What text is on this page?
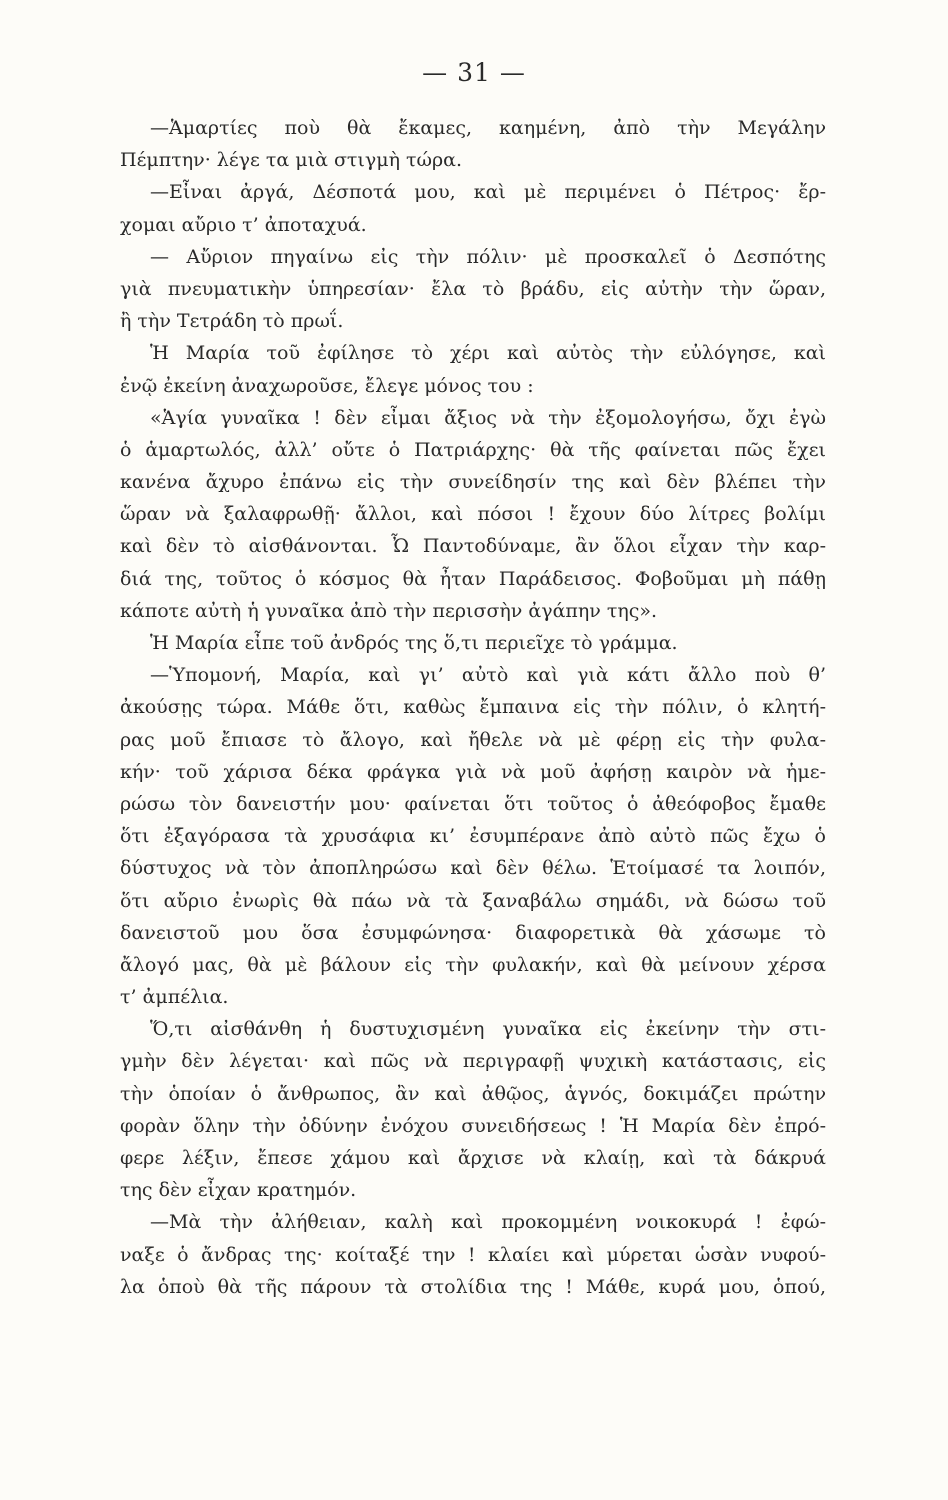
— 31 —
—Ἁμαρτίες ποὺ θὰ ἔκαμες, καημένη, ἀπὸ τὴν Μεγάλην
Πέμπτην· λέγε τα μιὰ στιγμὴ τώρα.
—Εἶναι ἀργά, Δέσποτά μου, καὶ μὲ περιμένει ὁ Πέτρος· ἔρ-
χομαι αὔριο τ’ ἀποταχυά.
— Αὔριον πηγαίνω εἰς τὴν πόλιν· μὲ προσκαλεῖ ὁ Δεσπότης
γιὰ πνευματικὴν ὑπηρεσίαν· ἔλα τὸ βράδυ, εἰς αὐτὴν τὴν ὥραν,
ἢ τὴν Τετράδη τὸ πρωΐ.
Ἡ Μαρία τοῦ ἐφίλησε τὸ χέρι καὶ αὐτὸς τὴν εὐλόγησε, καὶ
ἐνῷ ἐκείνη ἀναχωροῦσε, ἔλεγε μόνος του :
«Ἁγία γυναῖκα ! δὲν εἶμαι ἄξιος νὰ τὴν ἐξομολογήσω, ὄχι ἐγὼ
ὁ ἁμαρτωλός, ἀλλ’ οὔτε ὁ Πατριάρχης· θὰ τῆς φαίνεται πῶς ἔχει
κανένα ἄχυρο ἐπάνω εἰς τὴν συνείδησίν της καὶ δὲν βλέπει τὴν
ὥραν νὰ ξαλαφρωθῇ· ἄλλοι, καὶ πόσοι ! ἔχουν δύο λίτρες βολίμι
καὶ δὲν τὸ αἰσθάνονται. Ὦ Παντοδύναμε, ἂν ὅλοι εἶχαν τὴν καρ-
διά της, τοῦτος ὁ κόσμος θὰ ἦταν Παράδεισος. Φοβοῦμαι μὴ πάθῃ
κάποτε αὐτὴ ἡ γυναῖκα ἀπὸ τὴν περισσὴν ἀγάπην της».
Ἡ Μαρία εἶπε τοῦ ἀνδρός της ὅ,τι περιεῖχε τὸ γράμμα.
—Ὑπομονή, Μαρία, καὶ γι’ αὐτὸ καὶ γιὰ κάτι ἄλλο ποὺ θ’
ἀκούσῃς τώρα. Μάθε ὅτι, καθὼς ἔμπαινα εἰς τὴν πόλιν, ὁ κλητή-
ρας μοῦ ἔπιασε τὸ ἄλογο, καὶ ἤθελε νὰ μὲ φέρῃ εἰς τὴν φυλα-
κήν· τοῦ χάρισα δέκα φράγκα γιὰ νὰ μοῦ ἀφήσῃ καιρὸν νὰ ἡμε-
ρώσω τὸν δανειστήν μου· φαίνεται ὅτι τοῦτος ὁ ἀθεόφοβος ἔμαθε
ὅτι ἐξαγόρασα τὰ χρυσάφια κι’ ἐσυμπέρανε ἀπὸ αὐτὸ πῶς ἔχω ὁ
δύστυχος νὰ τὸν ἀποπληρώσω καὶ δὲν θέλω. Ἑτοίμασέ τα λοιπόν,
ὅτι αὔριο ἐνωρὶς θὰ πάω νὰ τὰ ξαναβάλω σημάδι, νὰ δώσω τοῦ
δανειστοῦ μου ὅσα ἐσυμφώνησα· διαφορετικὰ θὰ χάσωμε τὸ
ἄλογό μας, θὰ μὲ βάλουν εἰς τὴν φυλακήν, καὶ θὰ μείνουν χέρσα
τ’ ἀμπέλια.
Ὅ,τι αἰσθάνθη ἡ δυστυχισμένη γυναῖκα εἰς ἐκείνην τὴν στι-
γμὴν δὲν λέγεται· καὶ πῶς νὰ περιγραφῇ ψυχικὴ κατάστασις, εἰς
τὴν ὁποίαν ὁ ἄνθρωπος, ἂν καὶ ἀθῷος, ἁγνός, δοκιμάζει πρώτην
φορὰν ὅλην τὴν ὀδύνην ἐνόχου συνειδήσεως ! Ἡ Μαρία δὲν ἐπρό-
φερε λέξιν, ἔπεσε χάμου καὶ ἄρχισε νὰ κλαίῃ, καὶ τὰ δάκρυά
της δὲν εἶχαν κρατημόν.
—Μὰ τὴν ἀλήθειαν, καλὴ καὶ προκομμένη νοικοκυρά ! ἐφώ-
ναξε ὁ ἄνδρας της· κοίταξέ την ! κλαίει καὶ μύρεται ὡσὰν νυφού-
λα ὁποὺ θὰ τῆς πάρουν τὰ στολίδια της ! Μάθε, κυρά μου, ὁπού,
